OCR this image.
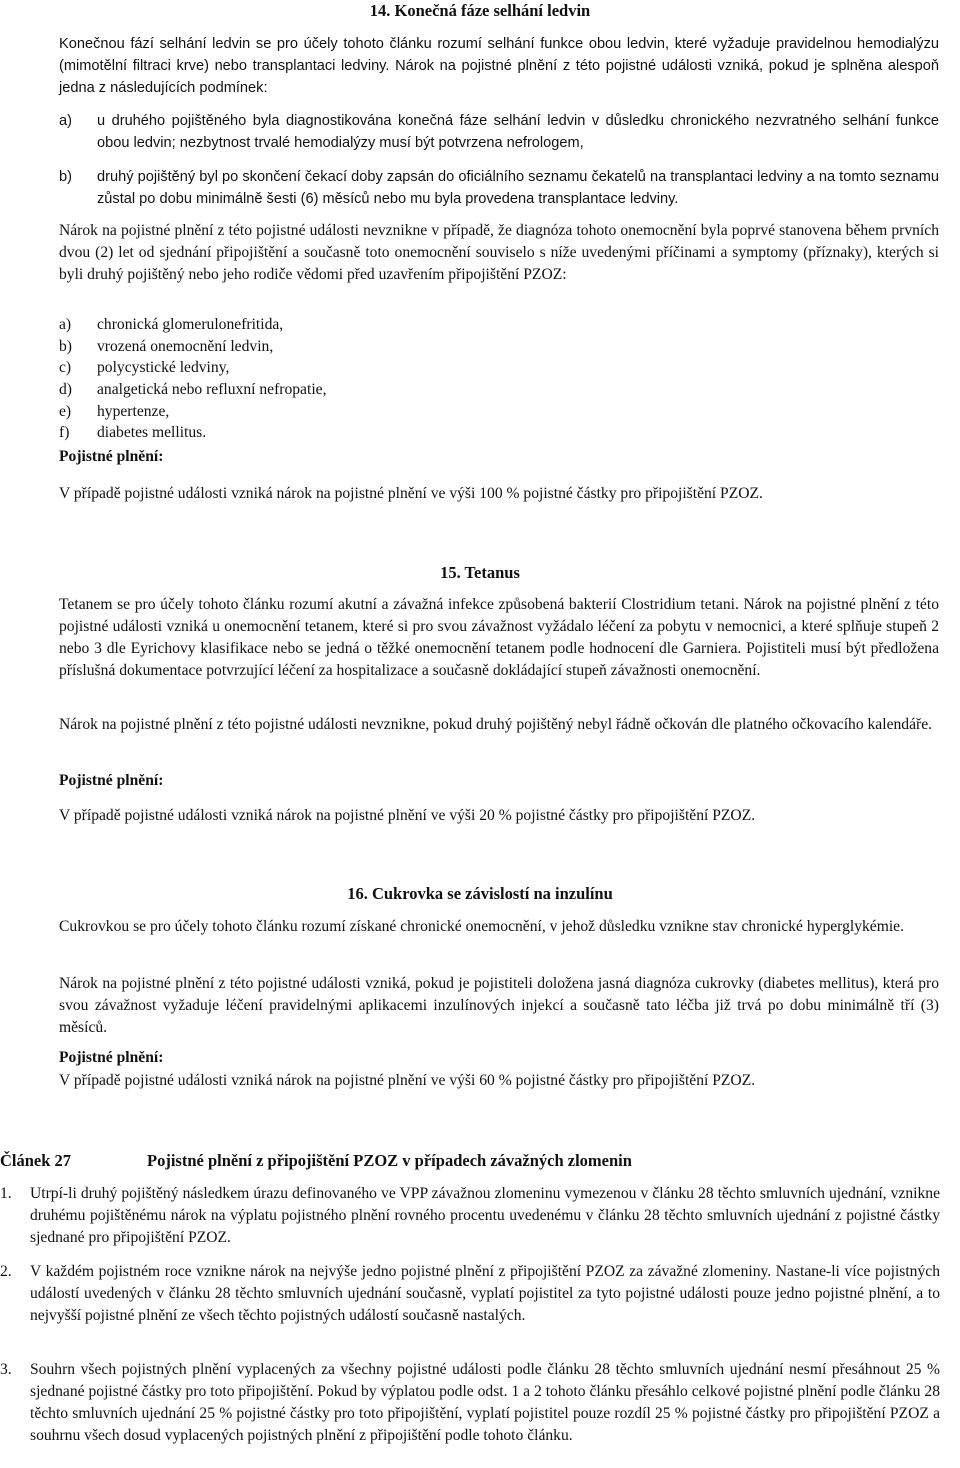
14. Konečná fáze selhání ledvin
Konečnou fází selhání ledvin se pro účely tohoto článku rozumí selhání funkce obou ledvin, které vyžaduje pravidelnou hemodialýzu (mimotělní filtraci krve) nebo transplantaci ledviny. Nárok na pojistné plnění z této pojistné události vzniká, pokud je splněna alespoň jedna z následujících podmínek:
a) u druhého pojištěného byla diagnostikována konečná fáze selhání ledvin v důsledku chronického nezvratného selhání funkce obou ledvin; nezbytnost trvalé hemodialýzy musí být potvrzena nefrologem,
b) druhý pojištěný byl po skončení čekací doby zapsán do oficiálního seznamu čekatelů na transplantaci ledviny a na tomto seznamu zůstal po dobu minimálně šesti (6) měsíců nebo mu byla provedena transplantace ledviny.
Nárok na pojistné plnění z této pojistné události nevznikne v případě, že diagnóza tohoto onemocnění byla poprvé stanovena během prvních dvou (2) let od sjednání připojištění a současně toto onemocnění souviselo s níže uvedenými příčinami a symptomy (příznaky), kterých si byli druhý pojištěný nebo jeho rodiče vědomi před uzavřením připojištění PZOZ:
a) chronická glomerulonefritida,
b) vrozená onemocnění ledvin,
c) polycystické ledviny,
d) analgetická nebo refluxní nefropatie,
e) hypertenze,
f) diabetes mellitus.
Pojistné plnění:
V případě pojistné události vzniká nárok na pojistné plnění ve výši 100 % pojistné částky pro připojištění PZOZ.
15. Tetanus
Tetanem se pro účely tohoto článku rozumí akutní a závažná infekce způsobená bakterií Clostridium tetani. Nárok na pojistné plnění z této pojistné události vzniká u onemocnění tetanem, které si pro svou závažnost vyžádalo léčení za pobytu v nemocnici, a které splňuje stupeň 2 nebo 3 dle Eyrichovy klasifikace nebo se jedná o těžké onemocnění tetanem podle hodnocení dle Garniera. Pojistiteli musí být předložena příslušná dokumentace potvrzující léčení za hospitalizace a současně dokládající stupeň závažnosti onemocnění.
Nárok na pojistné plnění z této pojistné události nevznikne, pokud druhý pojištěný nebyl řádně očkován dle platného očkovacího kalendáře.
Pojistné plnění:
V případě pojistné události vzniká nárok na pojistné plnění ve výši 20 % pojistné částky pro připojištění PZOZ.
16. Cukrovka se závislostí na inzulínu
Cukrovkou se pro účely tohoto článku rozumí získané chronické onemocnění, v jehož důsledku vznikne stav chronické hyperglykémie.
Nárok na pojistné plnění z této pojistné události vzniká, pokud je pojistiteli doložena jasná diagnóza cukrovky (diabetes mellitus), která pro svou závažnost vyžaduje léčení pravidelnými aplikacemi inzulínových injekcí a současně tato léčba již trvá po dobu minimálně tří (3) měsíců.
Pojistné plnění:
V případě pojistné události vzniká nárok na pojistné plnění ve výši 60 % pojistné částky pro připojištění PZOZ.
Článek 27	Pojistné plnění z připojištění PZOZ v případech závažných zlomenin
1. Utrpí-li druhý pojištěný následkem úrazu definovaného ve VPP závažnou zlomeninu vymezenou v článku 28 těchto smluvních ujednání, vznikne druhému pojištěnému nárok na výplatu pojistného plnění rovného procentu uvedenému v článku 28 těchto smluvních ujednání z pojistné částky sjednané pro připojištění PZOZ.
2. V každém pojistném roce vznikne nárok na nejvýše jedno pojistné plnění z připojištění PZOZ za závažné zlomeniny. Nastane-li více pojistných událostí uvedených v článku 28 těchto smluvních ujednání současně, vyplatí pojistitel za tyto pojistné události pouze jedno pojistné plnění, a to nejvyšší pojistné plnění ze všech těchto pojistných událostí současně nastalých.
3. Souhrn všech pojistných plnění vyplacených za všechny pojistné události podle článku 28 těchto smluvních ujednání nesmí přesáhnout 25 % sjednané pojistné částky pro toto připojištění. Pokud by výplatou podle odst. 1 a 2 tohoto článku přesáhlo celkové pojistné plnění podle článku 28 těchto smluvních ujednání 25 % pojistné částky pro toto připojištění, vyplatí pojistitel pouze rozdíl 25 % pojistné částky pro připojištění PZOZ a souhrnu všech dosud vyplacených pojistných plnění z připojištění podle tohoto článku.
